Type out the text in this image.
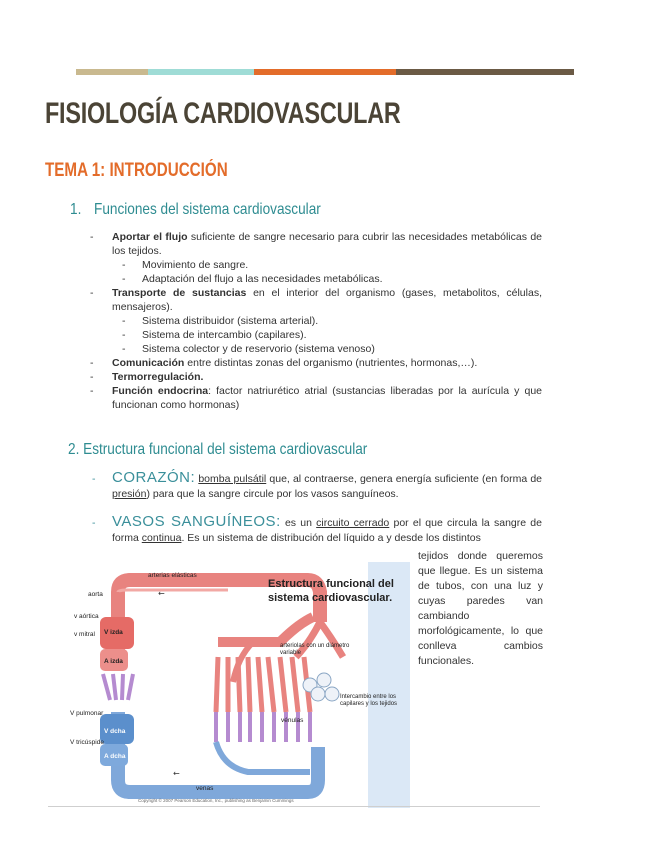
FISIOLOGÍA CARDIOVASCULAR
TEMA 1: INTRODUCCIÓN
1. Funciones del sistema cardiovascular
- Aportar el flujo suficiente de sangre necesario para cubrir las necesidades metabólicas de los tejidos.
- Movimiento de sangre.
- Adaptación del flujo a las necesidades metabólicas.
- Transporte de sustancias en el interior del organismo (gases, metabolitos, células, mensajeros).
- Sistema distribuidor (sistema arterial).
- Sistema de intercambio (capilares).
- Sistema colector y de reservorio (sistema venoso)
- Comunicación entre distintas zonas del organismo (nutrientes, hormonas,…).
- Termorregulación.
- Función endocrina: factor natriurético atrial (sustancias liberadas por la aurícula y que funcionan como hormonas)
2. Estructura funcional del sistema cardiovascular
-	CORAZÓN: bomba pulsátil que, al contraerse, genera energía suficiente (en forma de presión) para que la sangre circule por los vasos sanguíneos.
-	VASOS SANGUÍNEOS: es un circuito cerrado por el que circula la sangre de forma continua. Es un sistema de distribución del líquido a y desde los distintos
tejidos donde queremos que llegue. Es un sistema de tubos, con una luz y cuyas paredes van cambiando morfológicamente, lo que conlleva cambios funcionales.
←
←
arterias elásticas
aorta
v aórtica
v mitral V izda
A izda
arteriolas con un diámetro
variable
Intercambio entre los
capilares y los tejidos
vénulas
V pulmonar
V tricúspide
V dcha
A dcha
venas
Copyright © 2007 Pearson Education, Inc., publishing as Benjamin Cummings
Estructura funcional del
sistema cardiovascular.
